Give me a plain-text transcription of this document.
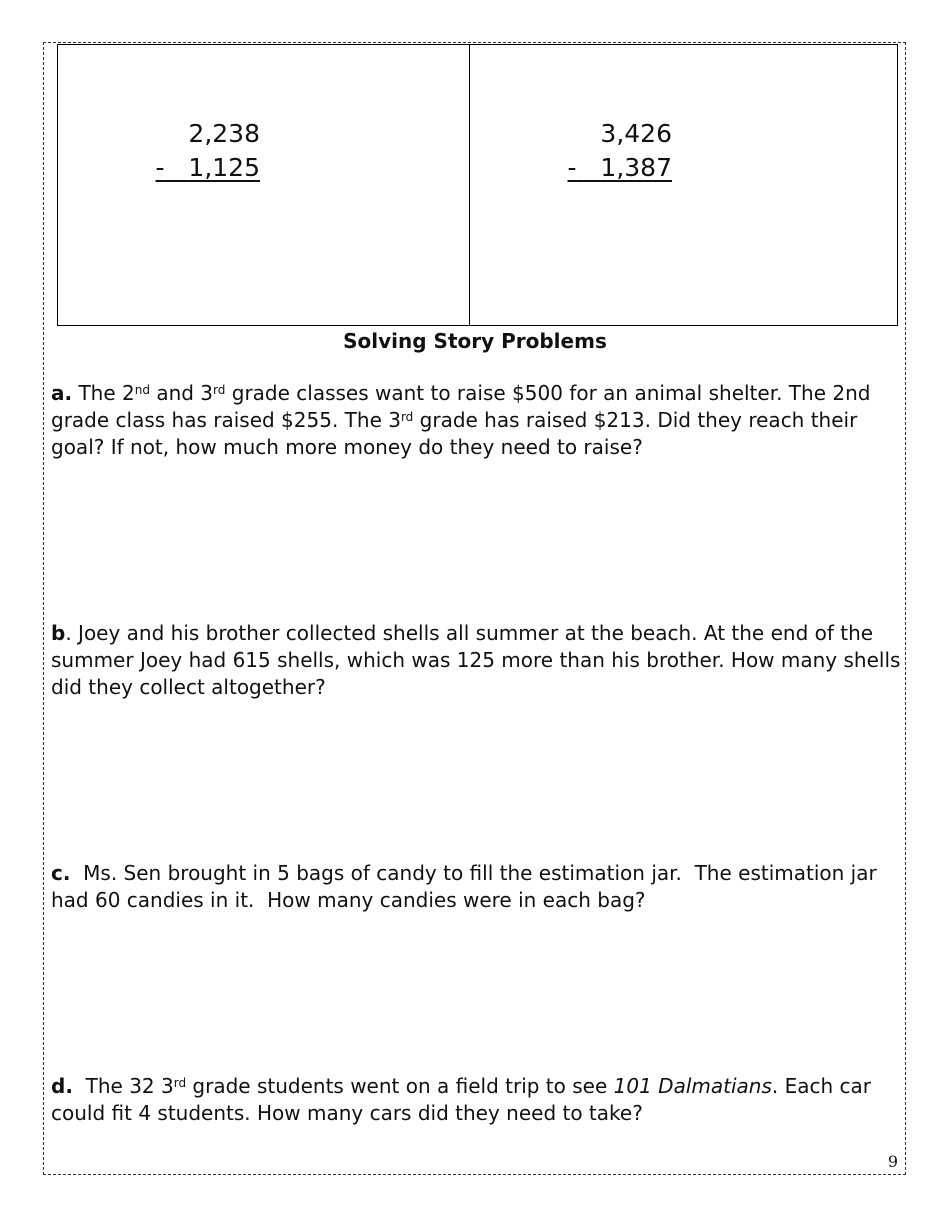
2,238
- 1,125
3,426
- 1,387
Solving Story Problems

a. The 2nd and 3rd grade classes want to raise $500 for an animal shelter. The 2nd grade class has raised $255. The 3rd grade has raised $213. Did they reach their goal? If not, how much more money do they need to raise?

b. Joey and his brother collected shells all summer at the beach. At the end of the summer Joey had 615 shells, which was 125 more than his brother. How many shells did they collect altogether?

c.  Ms. Sen brought in 5 bags of candy to fill the estimation jar.  The estimation jar had 60 candies in it.  How many candies were in each bag?

d.  The 32 3rd grade students went on a field trip to see 101 Dalmatians. Each car could fit 4 students. How many cars did they need to take?

9
